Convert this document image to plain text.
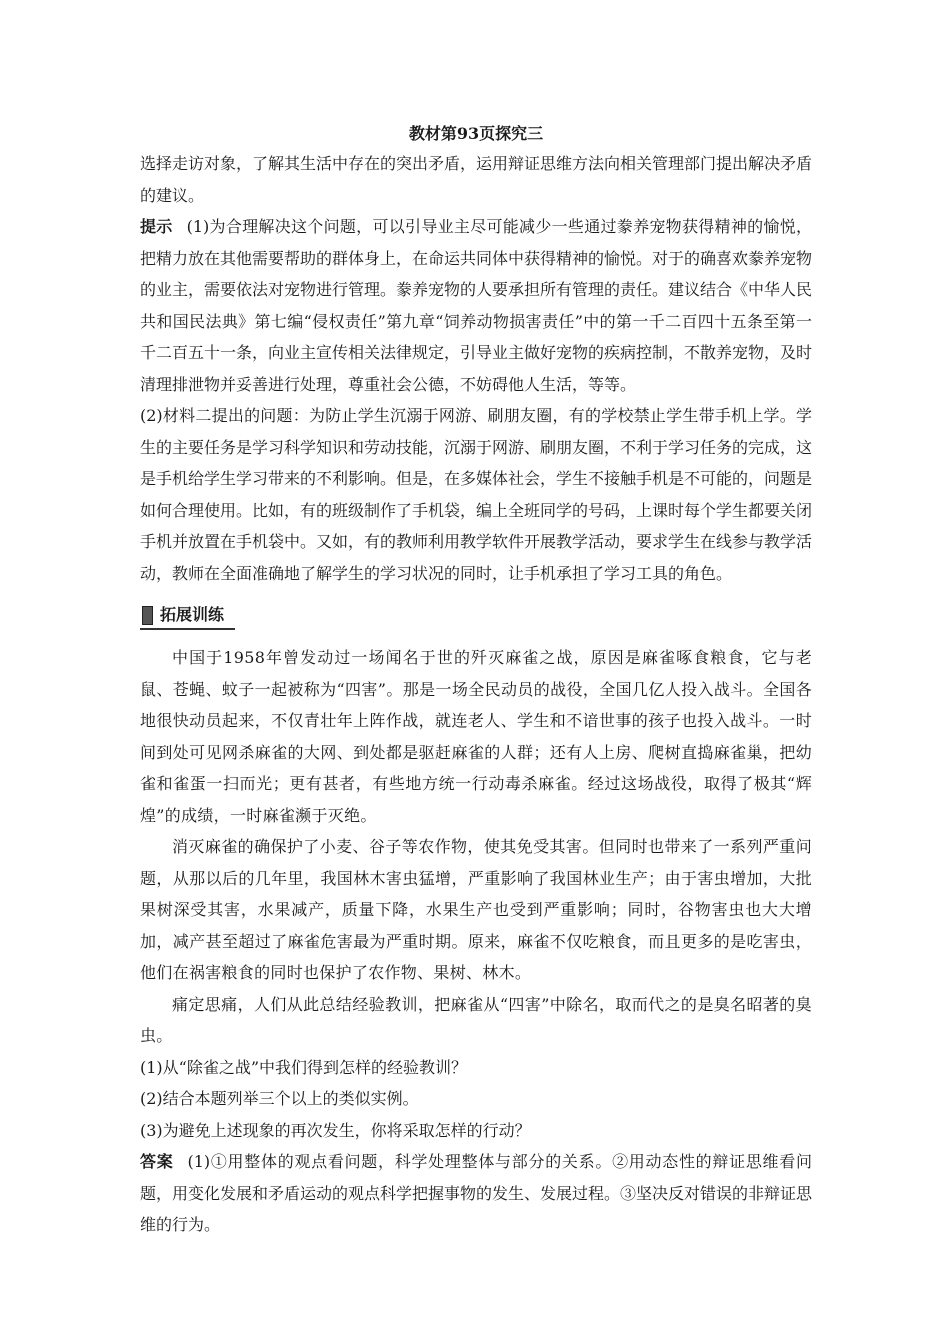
教材第93页探究三

选择走访对象，了解其生活中存在的突出矛盾，运用辩证思维方法向相关管理部门提出解决矛盾的建议。

提示 (1)为合理解决这个问题，可以引导业主尽可能减少一些通过豢养宠物获得精神的愉悦，把精力放在其他需要帮助的群体身上，在命运共同体中获得精神的愉悦。对于的确喜欢豢养宠物的业主，需要依法对宠物进行管理。豢养宠物的人要承担所有管理的责任。建议结合《中华人民共和国民法典》第七编“侵权责任”第九章“饲养动物损害责任”中的第一千二百四十五条至第一千二百五十一条，向业主宣传相关法律规定，引导业主做好宠物的疾病控制，不散养宠物，及时清理排泄物并妥善进行处理，尊重社会公德，不妨碍他人生活，等等。

(2)材料二提出的问题：为防止学生沉溺于网游、刷朋友圈，有的学校禁止学生带手机上学。学生的主要任务是学习科学知识和劳动技能，沉溺于网游、刷朋友圈，不利于学习任务的完成，这是手机给学生学习带来的不利影响。但是，在多媒体社会，学生不接触手机是不可能的，问题是如何合理使用。比如，有的班级制作了手机袋，编上全班同学的号码，上课时每个学生都要关闭手机并放置在手机袋中。又如，有的教师利用教学软件开展教学活动，要求学生在线参与教学活动，教师在全面准确地了解学生的学习状况的同时，让手机承担了学习工具的角色。

拓展训练

中国于1958年曾发动过一场闻名于世的歼灭麻雀之战，原因是麻雀啄食粮食，它与老鼠、苍蝇、蚊子一起被称为“四害”。那是一场全民动员的战役，全国几亿人投入战斗。全国各地很快动员起来，不仅青壮年上阵作战，就连老人、学生和不谙世事的孩子也投入战斗。一时间到处可见网杀麻雀的大网、到处都是驱赶麻雀的人群；还有人上房、爬树直捣麻雀巢，把幼雀和雀蛋一扫而光；更有甚者，有些地方统一行动毒杀麻雀。经过这场战役，取得了极其“辉煌”的成绩，一时麻雀濒于灭绝。

消灭麻雀的确保护了小麦、谷子等农作物，使其免受其害。但同时也带来了一系列严重问题，从那以后的几年里，我国林木害虫猛增，严重影响了我国林业生产；由于害虫增加，大批果树深受其害，水果减产，质量下降，水果生产也受到严重影响；同时，谷物害虫也大大增加，减产甚至超过了麻雀危害最为严重时期。原来，麻雀不仅吃粮食，而且更多的是吃害虫，他们在祸害粮食的同时也保护了农作物、果树、林木。

痛定思痛，人们从此总结经验教训，把麻雀从“四害”中除名，取而代之的是臭名昭著的臭虫。

(1)从“除雀之战”中我们得到怎样的经验教训？

(2)结合本题列举三个以上的类似实例。

(3)为避免上述现象的再次发生，你将采取怎样的行动？

答案 (1)①用整体的观点看问题，科学处理整体与部分的关系。②用动态性的辩证思维看问题，用变化发展和矛盾运动的观点科学把握事物的发生、发展过程。③坚决反对错误的非辩证思维的行为。
